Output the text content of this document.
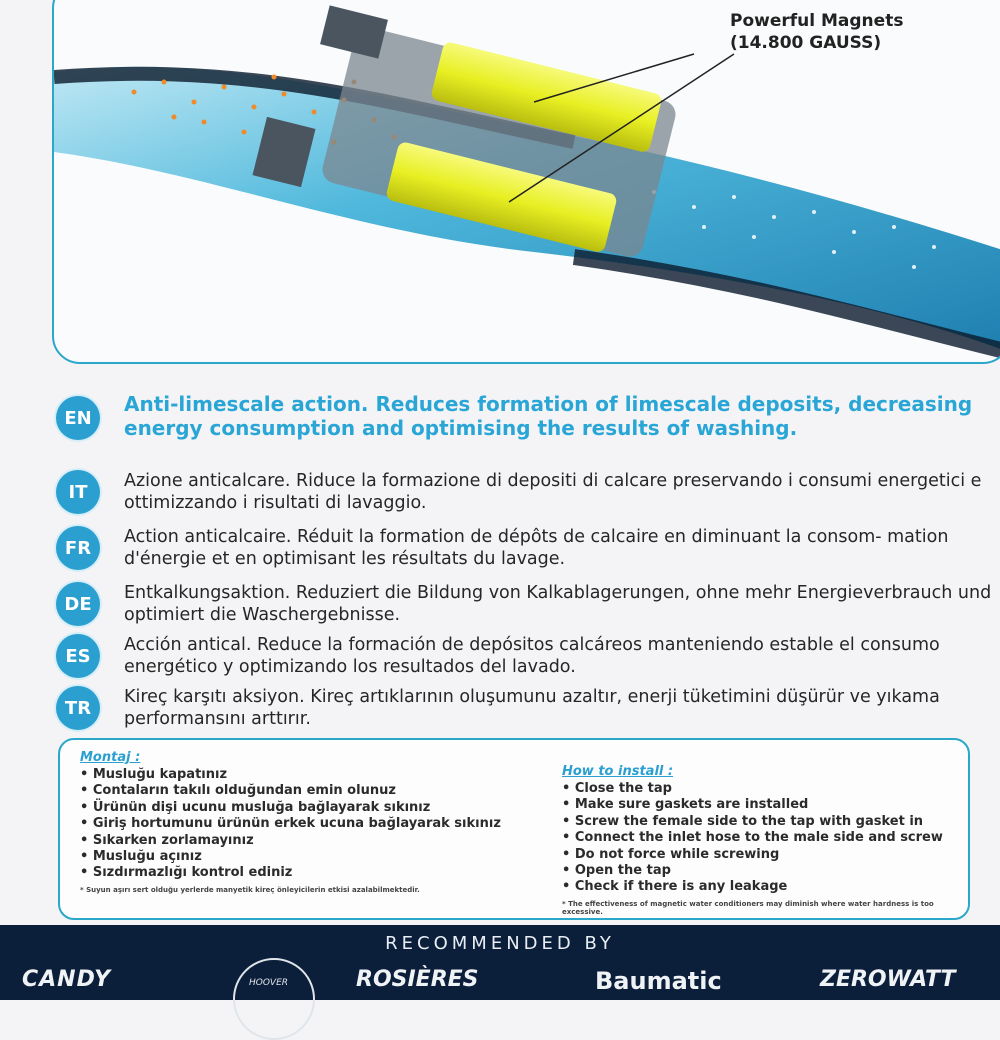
Powerful Magnets
(14.800 GAUSS)
EN
Anti-limescale action. Reduces formation of limescale deposits, decreasing energy consumption and optimising the results of washing.
IT
Azione anticalcare. Riduce la formazione di depositi di calcare preservando i consumi energetici e ottimizzando i risultati di lavaggio.
FR
Action anticalcaire. Réduit la formation de dépôts de calcaire en diminuant la consom- mation d'énergie et en optimisant les résultats du lavage.
DE
Entkalkungsaktion. Reduziert die Bildung von Kalkablagerungen, ohne mehr Energieverbrauch und optimiert die Waschergebnisse.
ES
Acción antical. Reduce la formación de depósitos calcáreos manteniendo estable el consumo energético y optimizando los resultados del lavado.
TR
Kireç karşıtı aksiyon. Kireç artıklarının oluşumunu azaltır, enerji tüketimini düşürür ve yıkama performansını arttırır.
Montaj :
• Musluğu kapatınız
• Contaların takılı olduğundan emin olunuz
• Ürünün dişi ucunu musluğa bağlayarak sıkınız
• Giriş hortumunu ürünün erkek ucuna bağlayarak sıkınız
• Sıkarken zorlamayınız
• Musluğu açınız
• Sızdırmazlığı kontrol ediniz
* Suyun aşırı sert olduğu yerlerde manyetik kireç önleyicilerin etkisi azalabilmektedir.
How to install :
• Close the tap
• Make sure gaskets are installed
• Screw the female side to the tap with gasket in
• Connect the inlet hose to the male side and screw
• Do not force while screwing
• Open the tap
• Check if there is any leakage
* The effectiveness of magnetic water conditioners may diminish where water hardness is too excessive.
RECOMMENDED BY
CANDY	HOOVER	ROSIÈRES	Baumatic	ZEROWATT
